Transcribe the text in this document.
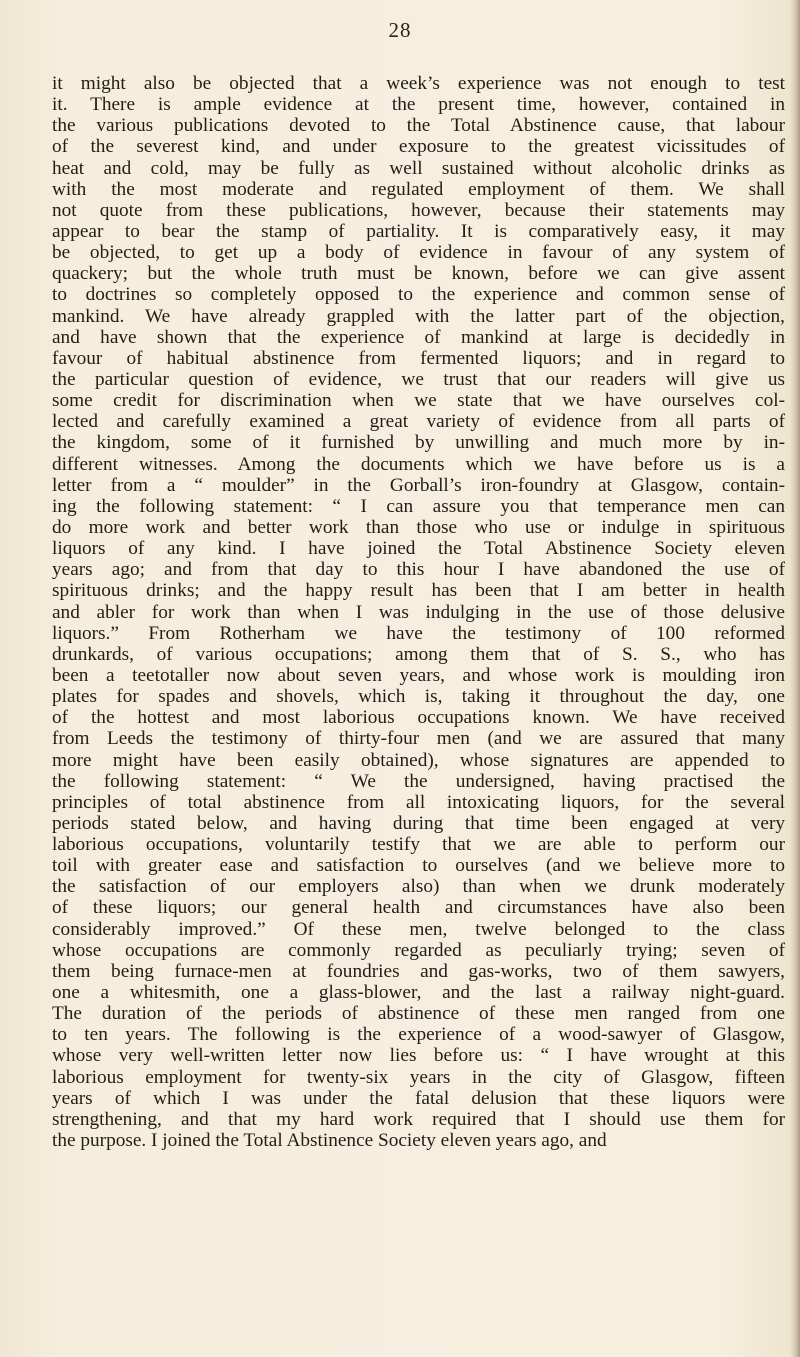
28
it might also be objected that a week’s experience was not enough to test
it. There is ample evidence at the present time, however, contained in
the various publications devoted to the Total Abstinence cause, that labour
of the severest kind, and under exposure to the greatest vicissitudes of
heat and cold, may be fully as well sustained without alcoholic drinks as
with the most moderate and regulated employment of them. We shall
not quote from these publications, however, because their statements may
appear to bear the stamp of partiality. It is comparatively easy, it may
be objected, to get up a body of evidence in favour of any system of
quackery; but the whole truth must be known, before we can give assent
to doctrines so completely opposed to the experience and common sense of
mankind. We have already grappled with the latter part of the objection,
and have shown that the experience of mankind at large is decidedly in
favour of habitual abstinence from fermented liquors; and in regard to
the particular question of evidence, we trust that our readers will give us
some credit for discrimination when we state that we have ourselves col-
lected and carefully examined a great variety of evidence from all parts of
the kingdom, some of it furnished by unwilling and much more by in-
different witnesses. Among the documents which we have before us is a
letter from a “ moulder” in the Gorball’s iron-foundry at Glasgow, contain-
ing the following statement: “ I can assure you that temperance men can
do more work and better work than those who use or indulge in spirituous
liquors of any kind. I have joined the Total Abstinence Society eleven
years ago; and from that day to this hour I have abandoned the use of
spirituous drinks; and the happy result has been that I am better in health
and abler for work than when I was indulging in the use of those delusive
liquors.” From Rotherham we have the testimony of 100 reformed
drunkards, of various occupations; among them that of S. S., who has
been a teetotaller now about seven years, and whose work is moulding iron
plates for spades and shovels, which is, taking it throughout the day, one
of the hottest and most laborious occupations known. We have received
from Leeds the testimony of thirty-four men (and we are assured that many
more might have been easily obtained), whose signatures are appended to
the following statement: “ We the undersigned, having practised the
principles of total abstinence from all intoxicating liquors, for the several
periods stated below, and having during that time been engaged at very
laborious occupations, voluntarily testify that we are able to perform our
toil with greater ease and satisfaction to ourselves (and we believe more to
the satisfaction of our employers also) than when we drunk moderately
of these liquors; our general health and circumstances have also been
considerably improved.” Of these men, twelve belonged to the class
whose occupations are commonly regarded as peculiarly trying; seven of
them being furnace-men at foundries and gas-works, two of them sawyers,
one a whitesmith, one a glass-blower, and the last a railway night-guard.
The duration of the periods of abstinence of these men ranged from one
to ten years. The following is the experience of a wood-sawyer of Glasgow,
whose very well-written letter now lies before us: “ I have wrought at this
laborious employment for twenty-six years in the city of Glasgow, fifteen
years of which I was under the fatal delusion that these liquors were
strengthening, and that my hard work required that I should use them for
the purpose. I joined the Total Abstinence Society eleven years ago, and
